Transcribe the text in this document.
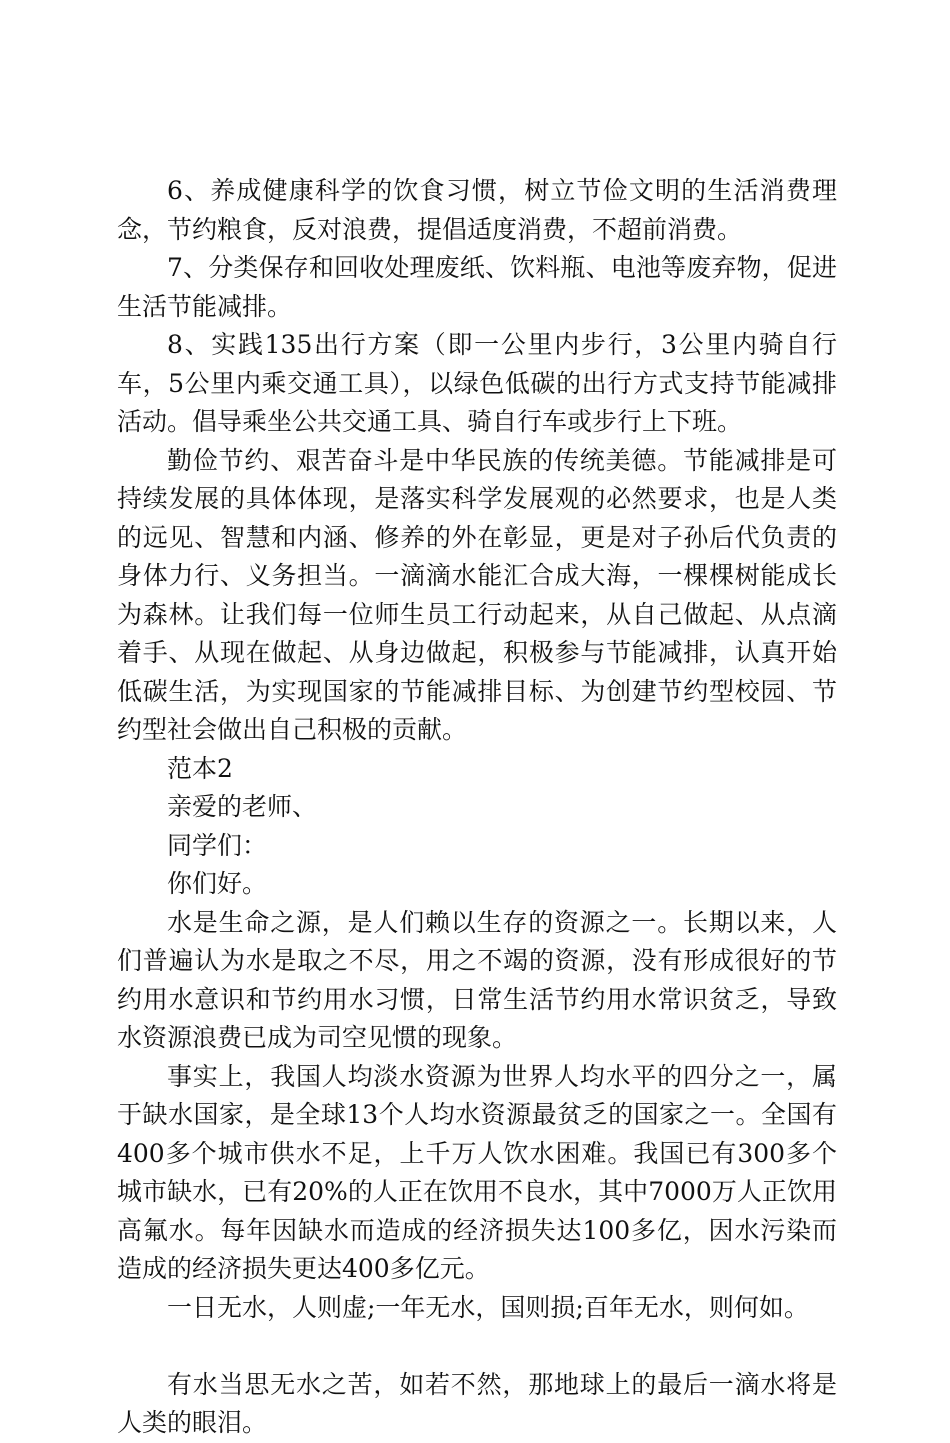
6、养成健康科学的饮食习惯，树立节俭文明的生活消费理念，节约粮食，反对浪费，提倡适度消费，不超前消费。

7、分类保存和回收处理废纸、饮料瓶、电池等废弃物，促进生活节能减排。

8、实践135出行方案（即一公里内步行，3公里内骑自行车，5公里内乘交通工具），以绿色低碳的出行方式支持节能减排活动。倡导乘坐公共交通工具、骑自行车或步行上下班。

勤俭节约、艰苦奋斗是中华民族的传统美德。节能减排是可持续发展的具体体现，是落实科学发展观的必然要求，也是人类的远见、智慧和内涵、修养的外在彰显，更是对子孙后代负责的身体力行、义务担当。一滴滴水能汇合成大海，一棵棵树能成长为森林。让我们每一位师生员工行动起来，从自己做起、从点滴着手、从现在做起、从身边做起，积极参与节能减排，认真开始低碳生活，为实现国家的节能减排目标、为创建节约型校园、节约型社会做出自己积极的贡献。

范本2

亲爱的老师、

同学们：

你们好。

水是生命之源，是人们赖以生存的资源之一。长期以来，人们普遍认为水是取之不尽，用之不竭的资源，没有形成很好的节约用水意识和节约用水习惯，日常生活节约用水常识贫乏，导致水资源浪费已成为司空见惯的现象。

事实上，我国人均淡水资源为世界人均水平的四分之一，属于缺水国家，是全球13个人均水资源最贫乏的国家之一。全国有400多个城市供水不足，上千万人饮水困难。我国已有300多个城市缺水，已有20%的人正在饮用不良水，其中7000万人正饮用高氟水。每年因缺水而造成的经济损失达100多亿，因水污染而造成的经济损失更达400多亿元。

一日无水，人则虚;一年无水，国则损;百年无水，则何如。

有水当思无水之苦，如若不然，那地球上的最后一滴水将是人类的眼泪。
